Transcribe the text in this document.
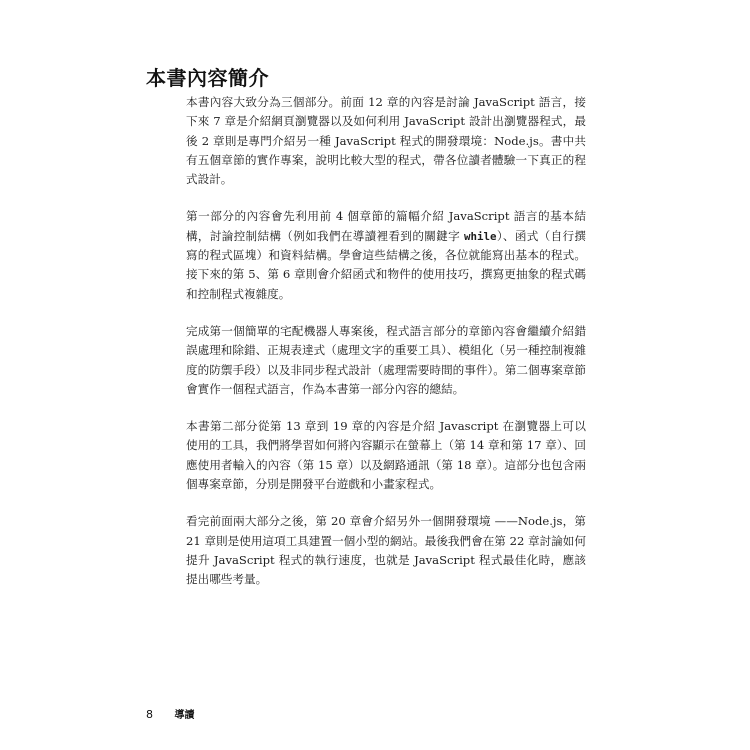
本書內容簡介

本書內容大致分為三個部分。前面 12 章的內容是討論 JavaScript 語言，接下來 7 章是介紹網頁瀏覽器以及如何利用 JavaScript 設計出瀏覽器程式，最後 2 章則是專門介紹另一種 JavaScript 程式的開發環境：Node.js。書中共有五個章節的實作專案，說明比較大型的程式，帶各位讀者體驗一下真正的程式設計。

第一部分的內容會先利用前 4 個章節的篇幅介紹 JavaScript 語言的基本結構，討論控制結構（例如我們在導讀裡看到的關鍵字 while）、函式（自行撰寫的程式區塊）和資料結構。學會這些結構之後，各位就能寫出基本的程式。接下來的第 5、第 6 章則會介紹函式和物件的使用技巧，撰寫更抽象的程式碼和控制程式複雜度。

完成第一個簡單的宅配機器人專案後，程式語言部分的章節內容會繼續介紹錯誤處理和除錯、正規表達式（處理文字的重要工具）、模組化（另一種控制複雜度的防禦手段）以及非同步程式設計（處理需要時間的事件）。第二個專案章節會實作一個程式語言，作為本書第一部分內容的總結。

本書第二部分從第 13 章到 19 章的內容是介紹 Javascript 在瀏覽器上可以使用的工具，我們將學習如何將內容顯示在螢幕上（第 14 章和第 17 章）、回應使用者輸入的內容（第 15 章）以及網路通訊（第 18 章）。這部分也包含兩個專案章節，分別是開發平台遊戲和小畫家程式。

看完前面兩大部分之後，第 20 章會介紹另外一個開發環境 ——Node.js，第 21 章則是使用這項工具建置一個小型的網站。最後我們會在第 22 章討論如何提升 JavaScript 程式的執行速度，也就是 JavaScript 程式最佳化時，應該提出哪些考量。

8 導讀
